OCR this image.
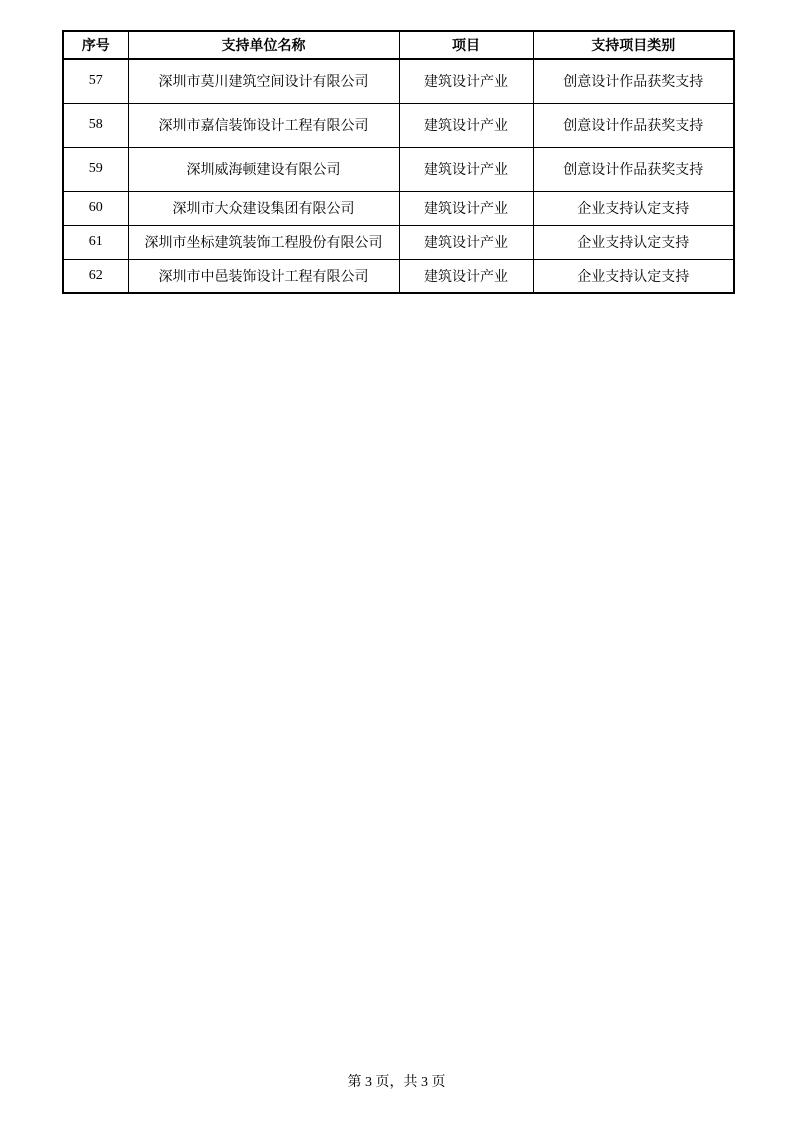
序号	支持单位名称	项目	支持项目类别
57	深圳市莫川建筑空间设计有限公司	建筑设计产业	创意设计作品获奖支持
58	深圳市嘉信装饰设计工程有限公司	建筑设计产业	创意设计作品获奖支持
59	深圳威海顿建设有限公司	建筑设计产业	创意设计作品获奖支持
60	深圳市大众建设集团有限公司	建筑设计产业	企业支持认定支持
61	深圳市坐标建筑装饰工程股份有限公司	建筑设计产业	企业支持认定支持
62	深圳市中邑装饰设计工程有限公司	建筑设计产业	企业支持认定支持
第 3 页，共 3 页
